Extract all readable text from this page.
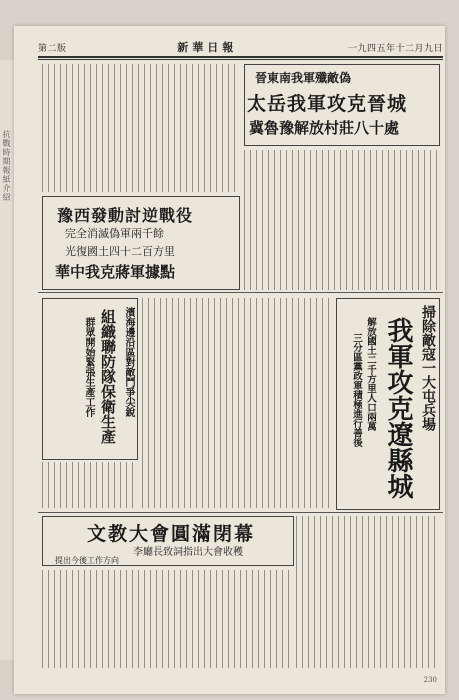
抗戰時期報紙介紹
第二版	新華日報	一九四五年十二月九日
晉東南我軍殲敵偽
太岳我軍攻克晉城
冀魯豫解放村莊八十處
豫西發動討逆戰役
完全消滅偽軍兩千餘
光復國土四十二百方里
華中我克蔣軍據點
掃除敵寇一大屯兵場
我軍攻克遼縣城
解放國土二千方里人口兩萬
三分區黨政軍積極進行善後
濱海邊沿區對敵鬥爭尖銳
組織聯防隊保衛生產
群眾開始緊張生產工作
文教大會圓滿閉幕
李廳長致詞指出大會收穫
提出今後工作方向
230
